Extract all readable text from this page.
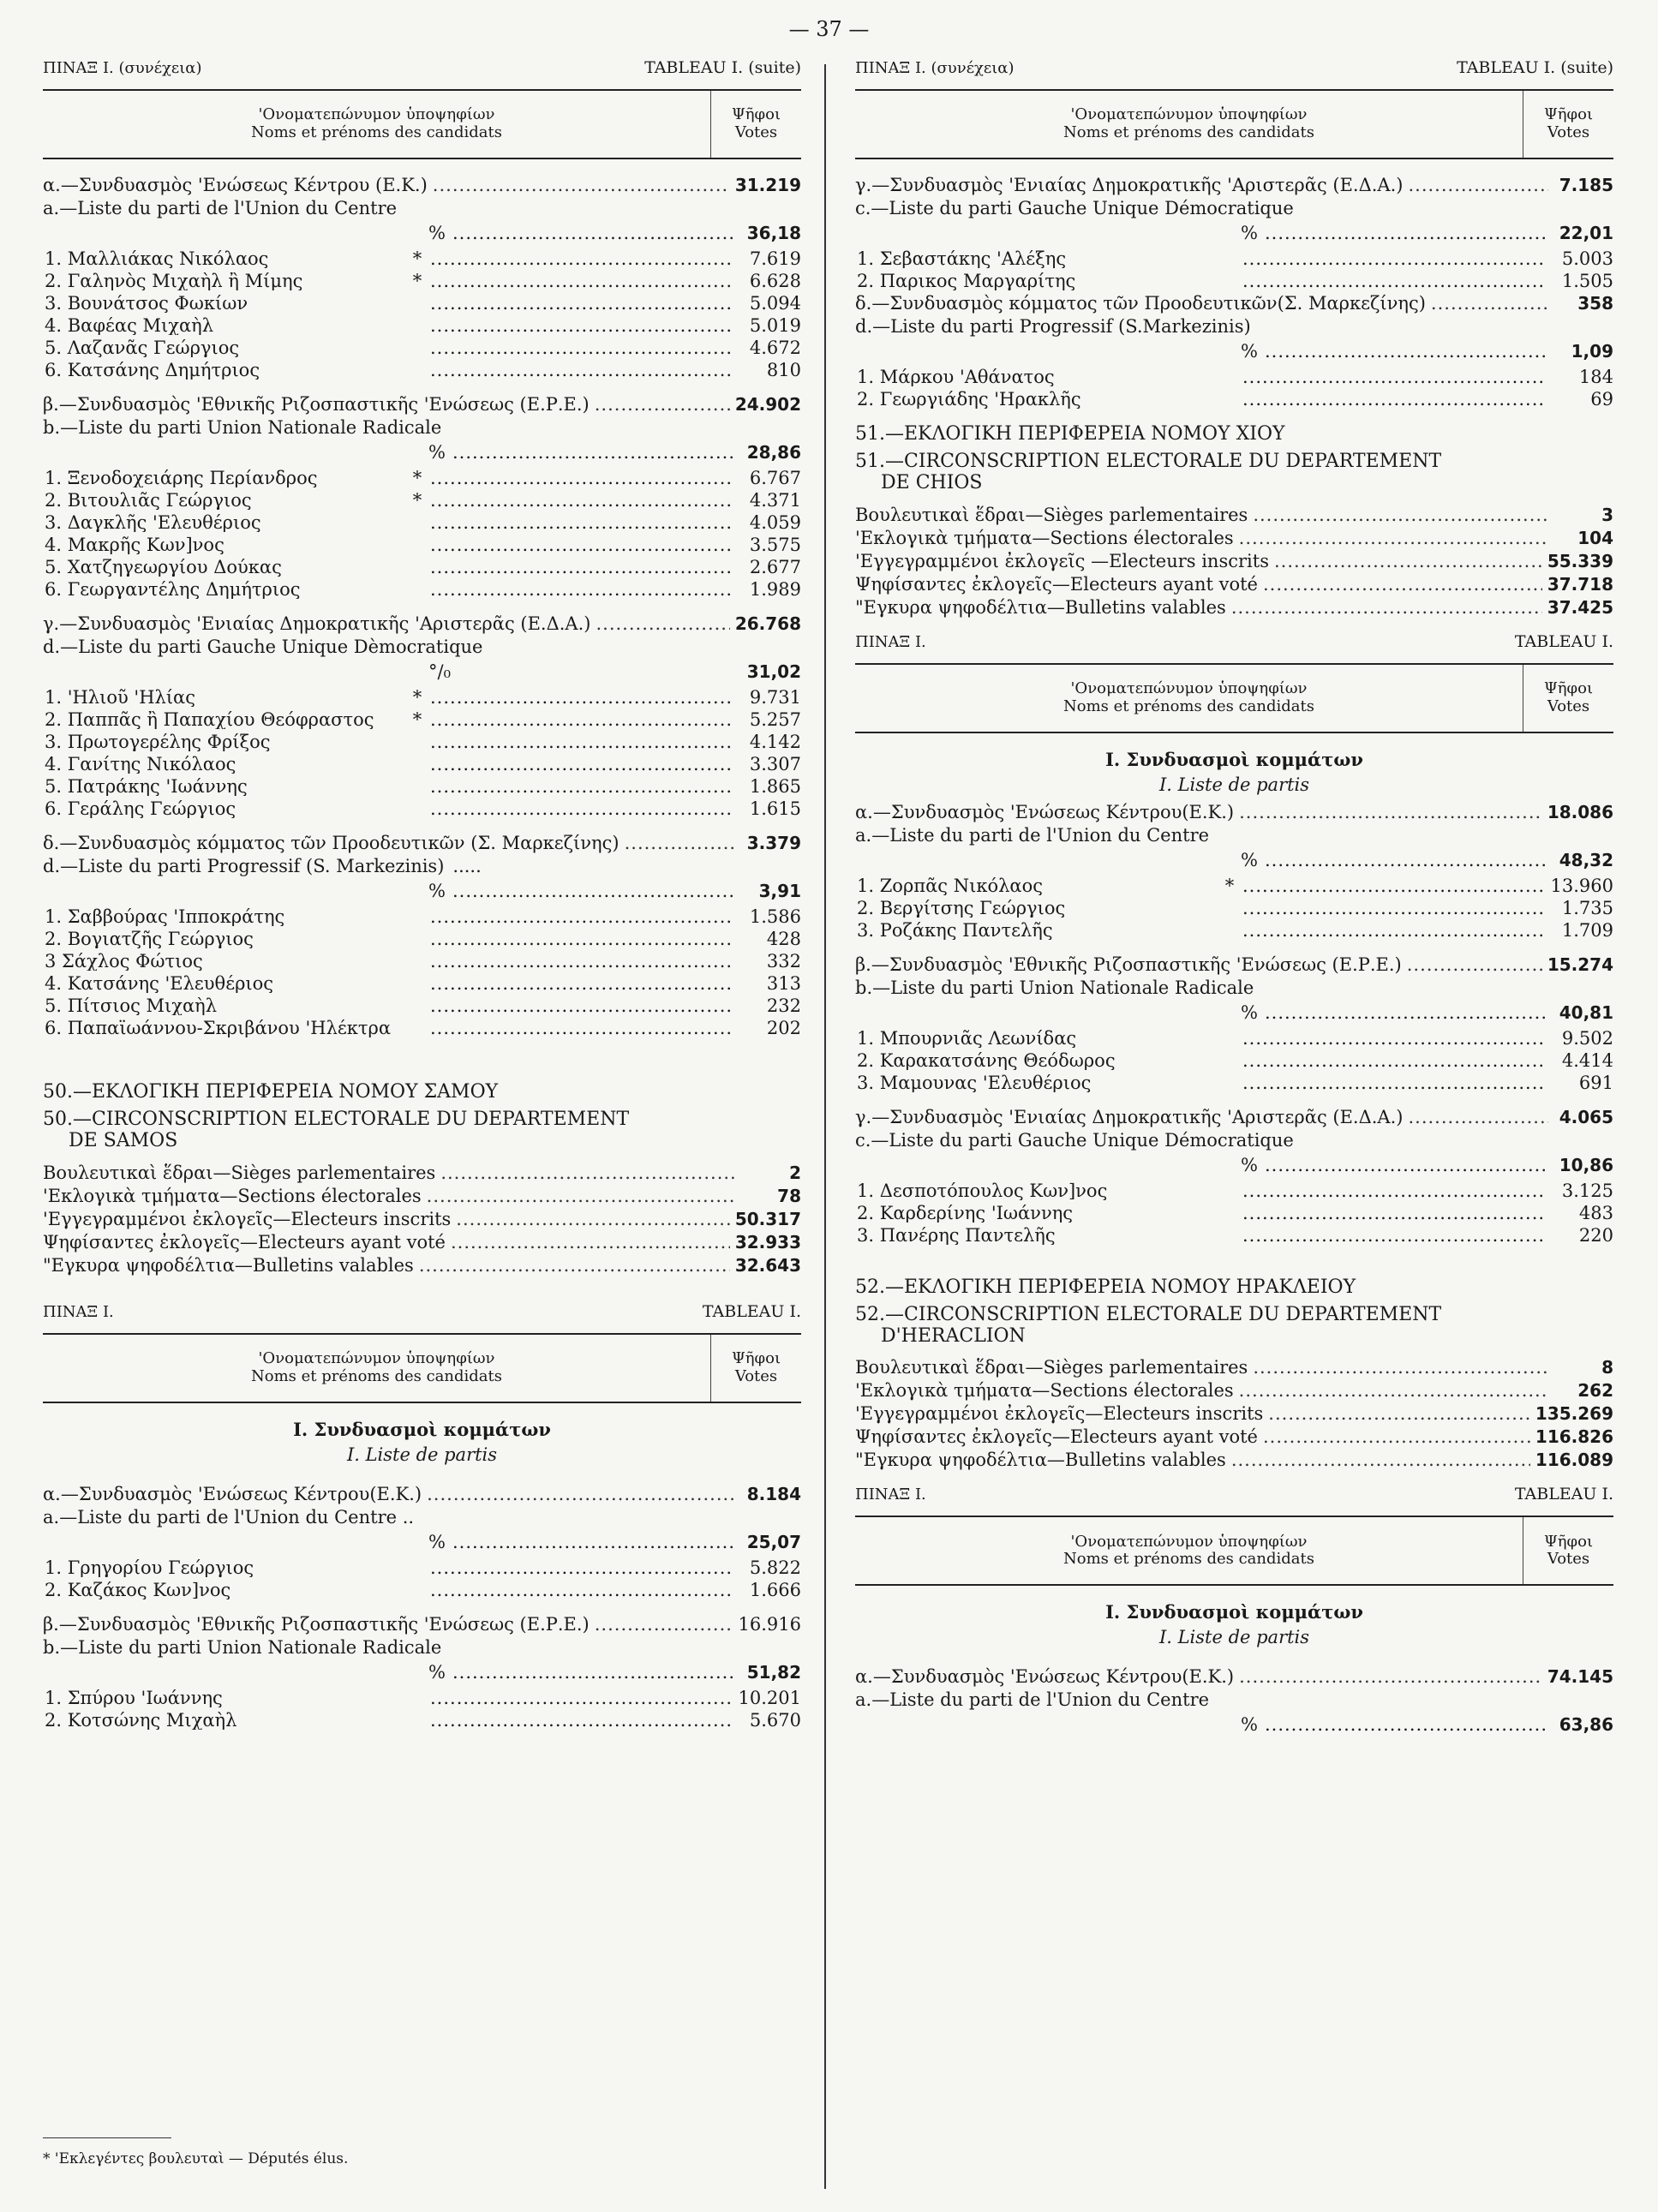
— 37 —
ΠΙΝΑΞ Ι. (συνέχεια)	TABLEAU I. (suite)
'Ονοματεπώνυμον ὑποψηφίων
Noms et prénoms des candidats
Ψῆφοι
Votes
α.—Συνδυασμὸς 'Ενώσεως Κέντρου (Ε.Κ.) .....	31.219
a.—Liste du parti de l'Union du Centre
% .....	36,18
1. Μαλλιάκας Νικόλαος	* .....	7.619
2. Γαληνὸς Μιχαὴλ ἢ Μίμης	* .....	6.628
3. Βουνάτσος Φωκίων .....	5.094
4. Βαφέας Μιχαὴλ .....	5.019
5. Λαζανᾶς Γεώργιος .....	4.672
6. Κατσάνης Δημήτριος .....	810
β.—Συνδυασμὸς 'Εθνικῆς Ριζοσπαστικῆς 'Ενώσεως (Ε.Ρ.Ε.) .....	24.902
b.—Liste du parti Union Nationale Radicale
% .....	28,86
1. Ξενοδοχειάρης Περίανδρος	* .....	6.767
2. Βιτουλιᾶς Γεώργιος	* .....	4.371
3. Δαγκλῆς 'Ελευθέριος .....	4.059
4. Μακρῆς Κων]νος .....	3.575
5. Χατζηγεωργίου Δούκας .....	2.677
6. Γεωργαντέλης Δημήτριος .....	1.989
γ.—Συνδυασμὸς 'Ενιαίας Δημοκρατικῆς 'Αριστερᾶς (Ε.Δ.Α.) .....	26.768
d.—Liste du parti Gauche Unique Dèmocratique
°/₀	31,02
1. 'Ηλιοῦ 'Ηλίας	* .....	9.731
2. Παππᾶς ἢ Παπαχίου Θεόφραστος	* .....	5.257
3. Πρωτογερέλης Φρίξος .....	4.142
4. Γανίτης Νικόλαος .....	3.307
5. Πατράκης 'Ιωάννης .....	1.865
6. Γεράλης Γεώργιος .....	1.615
δ.—Συνδυασμὸς κόμματος τῶν Προοδευτικῶν (Σ. Μαρκεζίνης) .....	3.379
d.—Liste du parti Progressif (S. Markezinis) .....
% .....	3,91
1. Σαββούρας 'Ιπποκράτης .....	1.586
2. Βογιατζῆς Γεώργιος .....	428
3 Σάχλος Φώτιος .....	332
4. Κατσάνης 'Ελευθέριος .....	313
5. Πίτσιος Μιχαὴλ .....	232
6. Παπαϊωάννου-Σκριβάνου 'Ηλέκτρα .....	202
50.—ΕΚΛΟΓΙΚΗ ΠΕΡΙΦΕΡΕΙΑ ΝΟΜΟΥ ΣΑΜΟΥ
50.—CIRCONSCRIPTION ELECTORALE DU DEPARTEMENT
DE SAMOS
Βουλευτικαὶ ἕδραι—Sièges parlementaires .....	2
'Εκλογικὰ τμήματα—Sections électorales .....	78
'Εγγεγραμμένοι ἐκλογεῖς—Electeurs inscrits .....	50.317
Ψηφίσαντες ἐκλογεῖς—Electeurs ayant voté .....	32.933
"Εγκυρα ψηφοδέλτια—Bulletins valables .....	32.643
ΠΙΝΑΞ Ι.	TABLEAU I.
'Ονοματεπώνυμον ὑποψηφίων
Noms et prénoms des candidats
Ψῆφοι
Votes
I. Συνδυασμοὶ κομμάτων
I. Liste de partis
α.—Συνδυασμὸς 'Ενώσεως Κέντρου(Ε.Κ.) .....	8.184
a.—Liste du parti de l'Union du Centre ..
% .....	25,07
1. Γρηγορίου Γεώργιος .....	5.822
2. Καζάκος Κων]νος .....	1.666
β.—Συνδυασμὸς 'Εθνικῆς Ριζοσπαστικῆς 'Ενώσεως (Ε.Ρ.Ε.) .....	16.916
b.—Liste du parti Union Nationale Radicale
% .....	51,82
1. Σπύρου 'Ιωάννης .....	10.201
2. Κοτσώνης Μιχαὴλ .....	5.670
* 'Εκλεγέντες βουλευταὶ — Députés élus.
ΠΙΝΑΞ Ι. (συνέχεια)	TABLEAU I. (suite)
'Ονοματεπώνυμον ὑποψηφίων
Noms et prénoms des candidats
Ψῆφοι
Votes
γ.—Συνδυασμὸς 'Ενιαίας Δημοκρατικῆς 'Αριστερᾶς (Ε.Δ.Α.) .....	7.185
c.—Liste du parti Gauche Unique Démocratique
% .....	22,01
1. Σεβαστάκης 'Αλέξης .....	5.003
2. Παρικος Μαργαρίτης .....	1.505
δ.—Συνδυασμὸς κόμματος τῶν Προοδευτικῶν(Σ. Μαρκεζίνης) .....	358
d.—Liste du parti Progressif (S.Markezinis)
% .....	1,09
1. Μάρκου 'Αθάνατος .....	184
2. Γεωργιάδης 'Ηρακλῆς .....	69
51.—ΕΚΛΟΓΙΚΗ ΠΕΡΙΦΕΡΕΙΑ ΝΟΜΟΥ ΧΙΟΥ
51.—CIRCONSCRIPTION ELECTORALE DU DEPARTEMENT
DE CHIOS
Βουλευτικαὶ ἕδραι—Sièges parlementaires .....	3
'Εκλογικὰ τμήματα—Sections électorales .....	104
'Εγγεγραμμένοι ἐκλογεῖς —Electeurs inscrits .....	55.339
Ψηφίσαντες ἐκλογεῖς—Electeurs ayant voté .....	37.718
"Εγκυρα ψηφοδέλτια—Bulletins valables .....	37.425
ΠΙΝΑΞ Ι.	TABLEAU I.
'Ονοματεπώνυμον ὑποψηφίων
Noms et prénoms des candidats
Ψῆφοι
Votes
I. Συνδυασμοὶ κομμάτων
I. Liste de partis
α.—Συνδυασμὸς 'Ενώσεως Κέντρου(Ε.Κ.) .....	18.086
a.—Liste du parti de l'Union du Centre
% .....	48,32
1. Ζορπᾶς Νικόλαος	* .....	13.960
2. Βεργίτσης Γεώργιος .....	1.735
3. Ροζάκης Παντελῆς .....	1.709
β.—Συνδυασμὸς 'Εθνικῆς Ριζοσπαστικῆς 'Ενώσεως (Ε.Ρ.Ε.) .....	15.274
b.—Liste du parti Union Nationale Radicale
% .....	40,81
1. Μπουρνιᾶς Λεωνίδας .....	9.502
2. Καρακατσάνης Θεόδωρος .....	4.414
3. Μαμουνας 'Ελευθέριος .....	691
γ.—Συνδυασμὸς 'Ενιαίας Δημοκρατικῆς 'Αριστερᾶς (Ε.Δ.Α.) .....	4.065
c.—Liste du parti Gauche Unique Démocratique
% .....	10,86
1. Δεσποτόπουλος Κων]νος .....	3.125
2. Καρδερίνης 'Ιωάννης .....	483
3. Πανέρης Παντελῆς .....	220
52.—ΕΚΛΟΓΙΚΗ ΠΕΡΙΦΕΡΕΙΑ ΝΟΜΟΥ ΗΡΑΚΛΕΙΟΥ
52.—CIRCONSCRIPTION ELECTORALE DU DEPARTEMENT
D'HERACLION
Βουλευτικαὶ ἕδραι—Sièges parlementaires .....	8
'Εκλογικὰ τμήματα—Sections électorales .....	262
'Εγγεγραμμένοι ἐκλογεῖς—Electeurs inscrits .....	135.269
Ψηφίσαντες ἐκλογεῖς—Electeurs ayant voté .....	116.826
"Εγκυρα ψηφοδέλτια—Bulletins valables .....	116.089
ΠΙΝΑΞ Ι.	TABLEAU I.
'Ονοματεπώνυμον ὑποψηφίων
Noms et prénoms des candidats
Ψῆφοι
Votes
I. Συνδυασμοὶ κομμάτων
I. Liste de partis
α.—Συνδυασμὸς 'Ενώσεως Κέντρου(Ε.Κ.) .....	74.145
a.—Liste du parti de l'Union du Centre
% .....	63,86
